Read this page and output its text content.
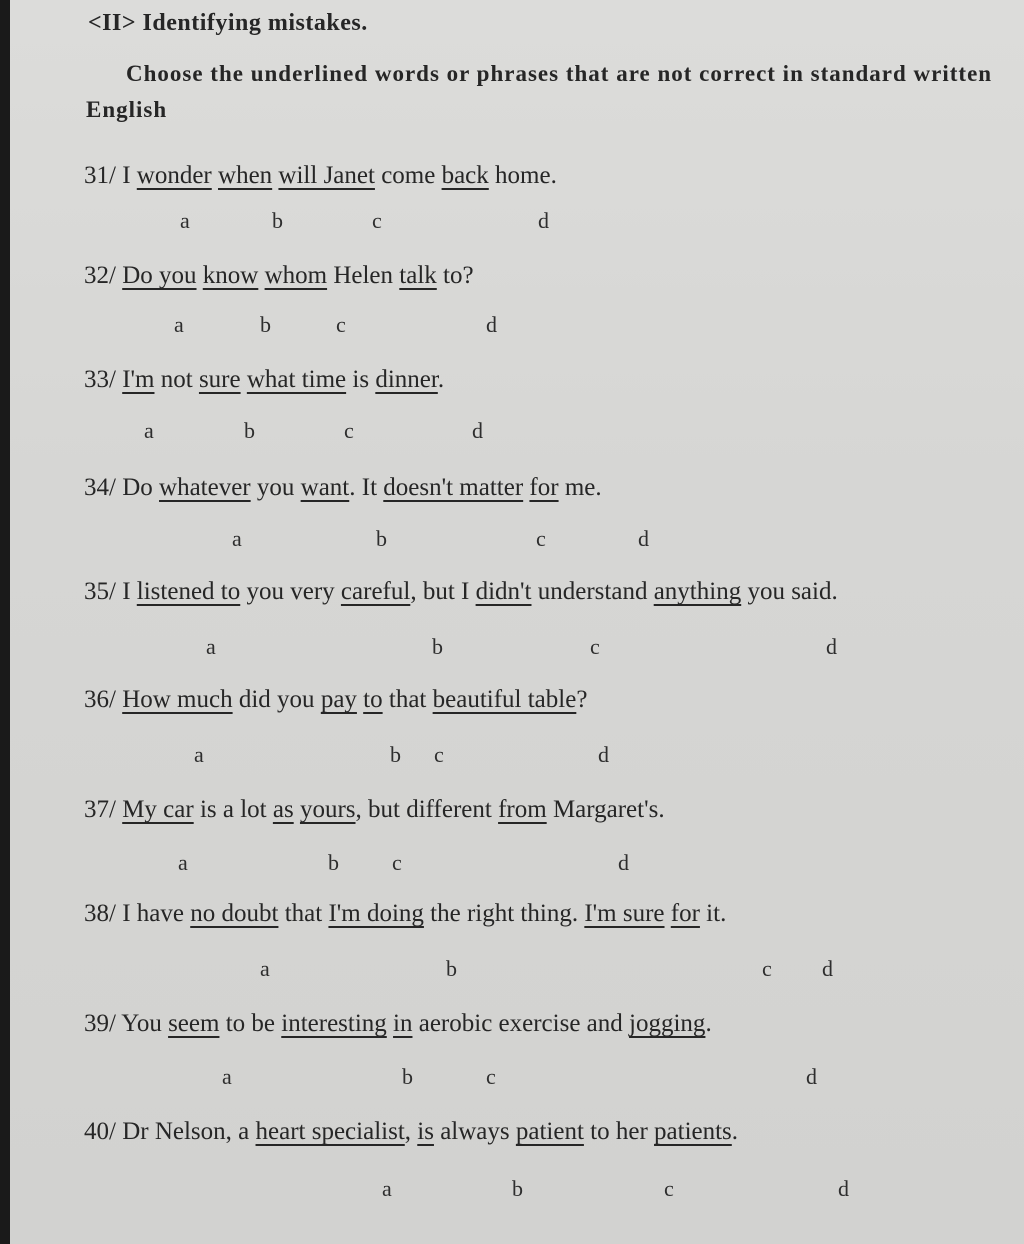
<II> Identifying mistakes.
Choose the underlined words or phrases that are not correct in standard written English
31/ I wonder when will Janet come back home.
a	b	c	d
32/ Do you know whom Helen talk to?
a	b	c	d
33/ I'm not sure what time is dinner.
a	b	c	d
34/ Do whatever you want. It doesn't matter for me.
a	b	c	d
35/ I listened to you very careful, but I didn't understand anything you said.
a	b	c	d
36/ How much did you pay to that beautiful table?
a	b c	d
37/ My car is a lot as yours, but different from Margaret's.
a	b c	d
38/ I have no doubt that I'm doing the right thing. I'm sure for it.
a	b	c d
39/ You seem to be interesting in aerobic exercise and jogging.
a	b	c	d
40/ Dr Nelson, a heart specialist, is always patient to her patients.
a	b	c	d
